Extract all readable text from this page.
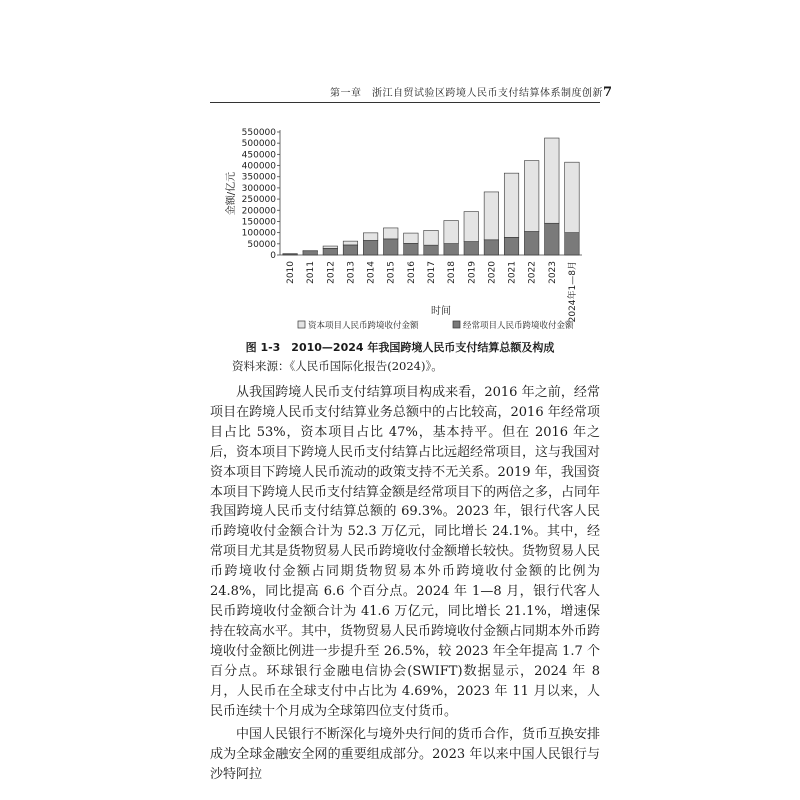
第一章　浙江自贸试验区跨境人民币支付结算体系制度创新 7
0
50000
100000
150000
200000
250000
300000
350000
400000
450000
500000
550000
金额/亿元
2010 2011 2012 2013 2014 2015 2016 2017 2018 2019 2020 2021 2022 2023 2024年1—8月
时间
资本项目人民币跨境收付金额	经常项目人民币跨境收付金额
图 1-3　2010—2024 年我国跨境人民币支付结算总额及构成
资料来源：《人民币国际化报告(2024)》。

从我国跨境人民币支付结算项目构成来看，2016 年之前，经常项目在跨境人民币支付结算业务总额中的占比较高，2016 年经常项目占比 53%，资本项目占比 47%，基本持平。但在 2016 年之后，资本项目下跨境人民币支付结算占比远超经常项目，这与我国对资本项目下跨境人民币流动的政策支持不无关系。2019 年，我国资本项目下跨境人民币支付结算金额是经常项目下的两倍之多，占同年我国跨境人民币支付结算总额的 69.3%。2023 年，银行代客人民币跨境收付金额合计为 52.3 万亿元，同比增长 24.1%。其中，经常项目尤其是货物贸易人民币跨境收付金额增长较快。货物贸易人民币跨境收付金额占同期货物贸易本外币跨境收付金额的比例为 24.8%，同比提高 6.6 个百分点。2024 年 1—8 月，银行代客人民币跨境收付金额合计为 41.6 万亿元，同比增长 21.1%，增速保持在较高水平。其中，货物贸易人民币跨境收付金额占同期本外币跨境收付金额比例进一步提升至 26.5%，较 2023 年全年提高 1.7 个百分点。环球银行金融电信协会(SWIFT)数据显示，2024 年 8 月，人民币在全球支付中占比为 4.69%，2023 年 11 月以来，人民币连续十个月成为全球第四位支付货币。

中国人民银行不断深化与境外央行间的货币合作，货币互换安排成为全球金融安全网的重要组成部分。2023 年以来中国人民银行与沙特阿拉
